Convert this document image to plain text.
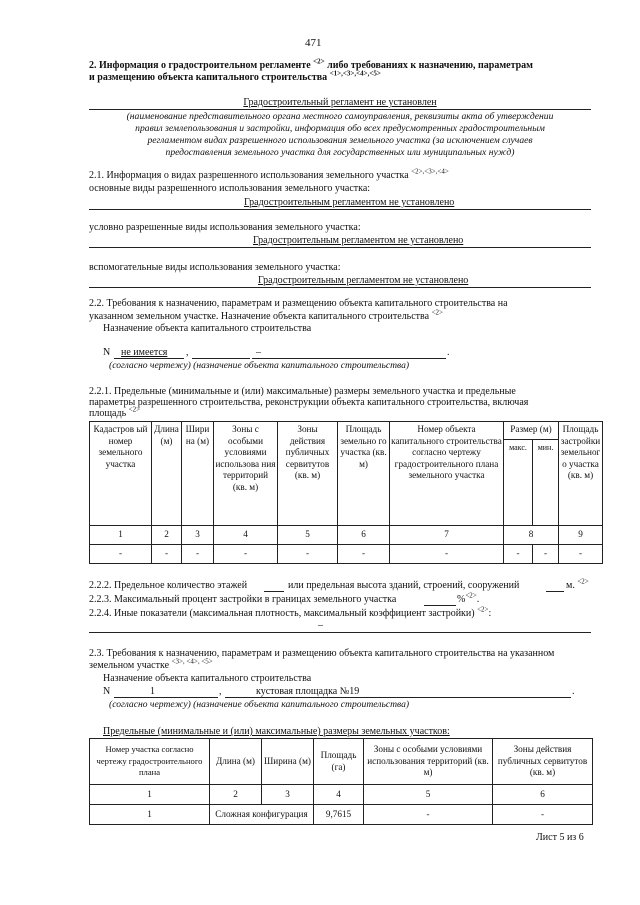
471
2. Информация о градостроительном регламенте $^{<2>}$ либо требованиях к назначению, параметрам
и размещению объекта капитального строительства $^{<1>,<3>,<4>,<5>}$
Градостроительный регламент не установлен
(наименование представительного органа местного самоуправления, реквизиты акта об утверждении
правил землепользования и застройки, информация обо всех предусмотренных градостроительным
регламентом видах разрешенного использования земельного участка (за исключением случаев
предоставления земельного участка для государственных или муниципальных нужд)
2.1. Информация о видах разрешенного использования земельного участка $^{<2>,<3>,<4>}$
основные виды разрешенного использования земельного участка:
Градостроительным регламентом не установлено
условно разрешенные виды использования земельного участка:
Градостроительным регламентом не установлено
вспомогательные виды использования земельного участка:
Градостроительным регламентом не установлено
2.2. Требования к назначению, параметрам и размещению объекта капитального строительства на
указанном земельном участке. Назначение объекта капитального строительства $^{<2>}$
Назначение объекта капитального строительства
N не имеется ,	–	.
(согласно чертежу) (назначение объекта капитального строительства)
2.2.1. Предельные (минимальные и (или) максимальные) размеры земельного участка и предельные
параметры разрешенного строительства, реконструкции объекта капитального строительства, включая
площадь $^{<2>}$
Кадастров ый номер земельного участка	Длина (м)	Шири на (м)	Зоны с особыми условиями использова ния территорий (кв. м)	Зоны действия публичных сервитутов (кв. м)	Площадь земельно го участка (кв. м)	Номер объекта капитального строительства согласно чертежу градостроительного плана земельного участка	Размер (м)		Площадь застройки земельног о участка (кв. м)
							макс.	мин.	
1	2	3	4	5	6	7	8		9
-	-	-	-	-	-	-	-	-	-
2.2.2. Предельное количество этажей	или предельная высота зданий, строений, сооружений	м. $^{<2>}$
2.2.3. Максимальный процент застройки в границах земельного участка	%$^{<2>}$.
2.2.4. Иные показатели (максимальная плотность, максимальный коэффициент застройки) $^{<2>}$:
–
2.3. Требования к назначению, параметрам и размещению объекта капитального строительства на указанном
земельном участке $^{<3>, <4>, <5>}$
Назначение объекта капитального строительства
N	1	,	кустовая площадка №19	.
(согласно чертежу) (назначение объекта капитального строительства)
Предельные (минимальные и (или) максимальные) размеры земельных участков:
Номер участка согласно чертежу градостроительного плана	Длина (м)	Ширина (м)	Площадь (га)	Зоны с особыми условиями использования территорий (кв. м)	Зоны действия публичных сервитутов (кв. м)
1	2	3	4	5	6
1	Сложная конфигурация		9,7615	-	-
Лист 5 из 6
